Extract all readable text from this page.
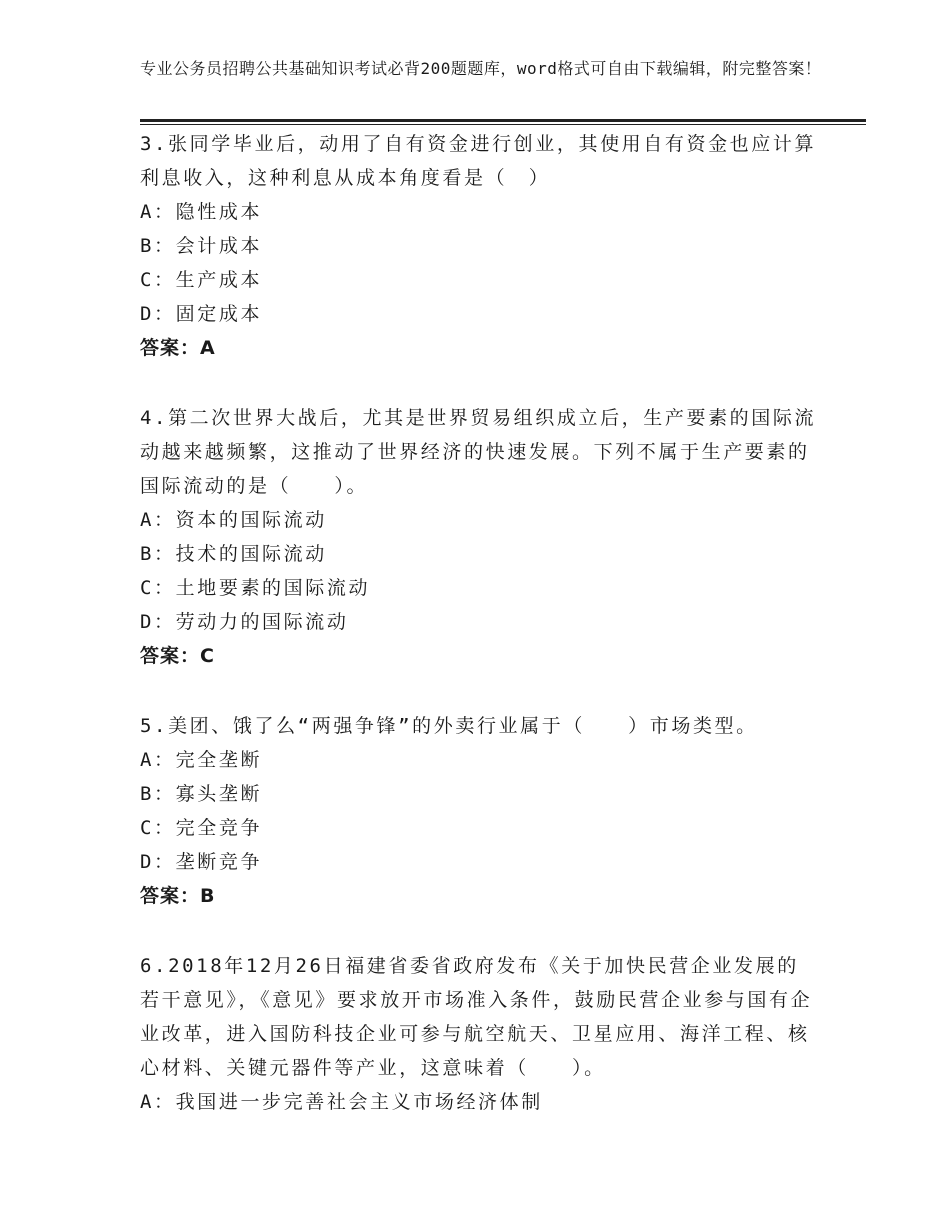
专业公务员招聘公共基础知识考试必背200题题库，word格式可自由下载编辑，附完整答案！
3.张同学毕业后，动用了自有资金进行创业，其使用自有资金也应计算利息收入，这种利息从成本角度看是（　）
A：隐性成本
B：会计成本
C：生产成本
D：固定成本
答案：A
4.第二次世界大战后，尤其是世界贸易组织成立后，生产要素的国际流动越来越频繁，这推动了世界经济的快速发展。下列不属于生产要素的国际流动的是（　　）。
A：资本的国际流动
B：技术的国际流动
C：土地要素的国际流动
D：劳动力的国际流动
答案：C
5.美团、饿了么“两强争锋”的外卖行业属于（　　）市场类型。
A：完全垄断
B：寡头垄断
C：完全竞争
D：垄断竞争
答案：B
6.2018年12月26日福建省委省政府发布《关于加快民营企业发展的若干意见》，《意见》要求放开市场准入条件，鼓励民营企业参与国有企业改革，进入国防科技企业可参与航空航天、卫星应用、海洋工程、核心材料、关键元器件等产业，这意味着（　　）。
A：我国进一步完善社会主义市场经济体制
